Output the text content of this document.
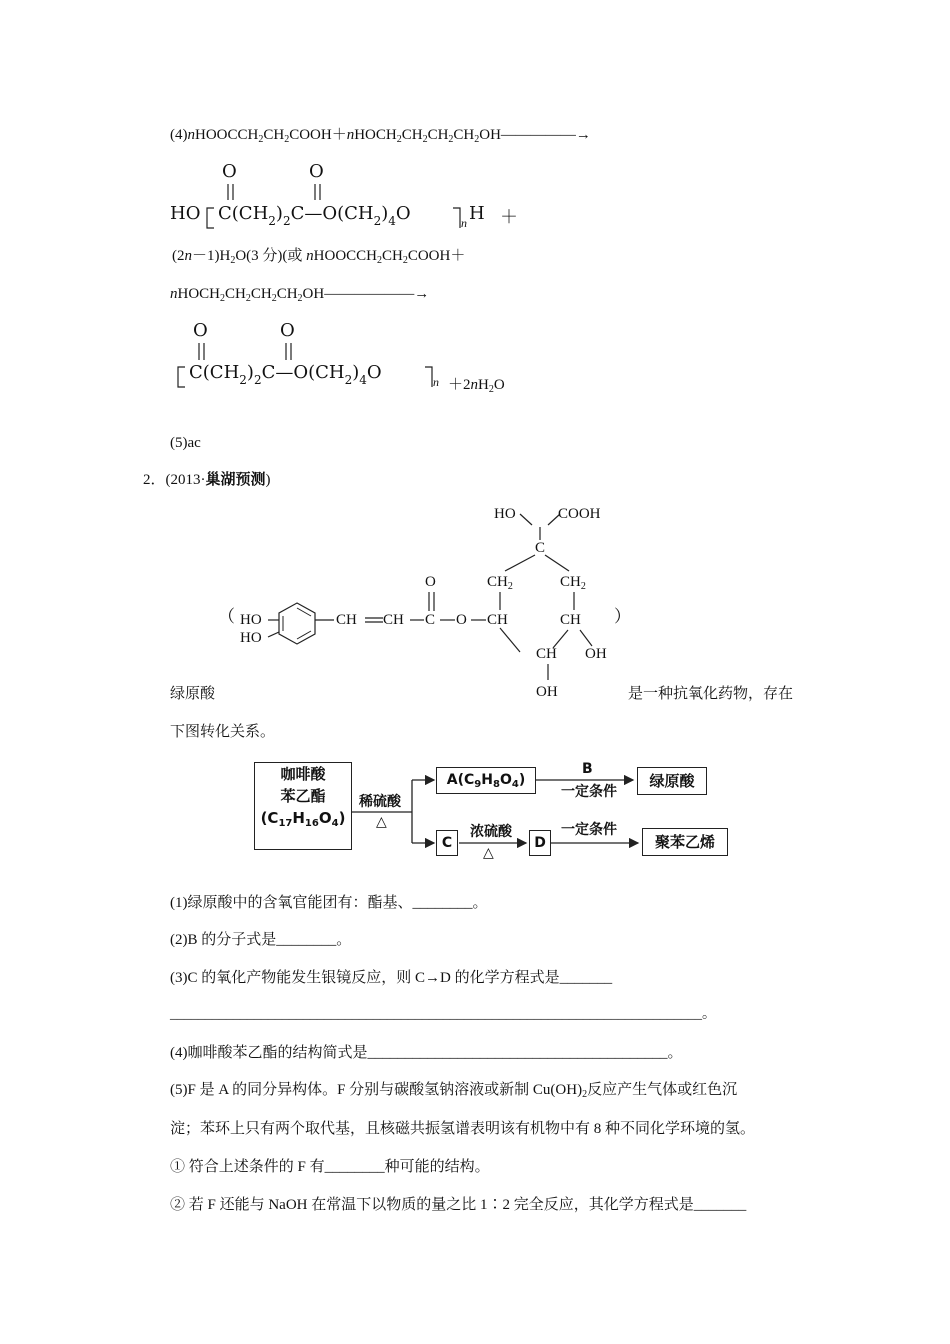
$(4)nHOOCCH_2CH_2COOH+nHOCH_2CH_2CH_2CH_2OH―――――\to$
O	O
HO $C(CH_2)_2C—O(CH_2)_4O$	n H ＋
$(2n-1)H_2O(3$ 分)(或 $nHOOCCH_2CH_2COOH+$
$nHOCH_2CH_2CH_2CH_2OH――――――\to$
O	O
$C(CH_2)_2C—O(CH_2)_4O$	$n +2nH_2O$
(5)ac
2．(2013·巢湖预测)
（	）
HO
HO
CH CH C
O
O CH
$CH_2$	$CH_2$
C
HO	COOH
CH
CH OH
OH
绿原酸	是一种抗氧化药物，存在
下图转化关系。
咖啡酸
苯乙酯
$(C_{17}H_{16}O_4)$
稀硫酸
△
$A(C_9H_8O_4)$
B
一定条件
绿原酸
C
浓硫酸
△
D
一定条件
聚苯乙烯
(1)绿原酸中的含氧官能团有：酯基、________。
(2)B 的分子式是________。
(3)C 的氧化产物能发生银镜反应，则 C→D 的化学方程式是_______
____________________________________________________________________________。
(4)咖啡酸苯乙酯的结构简式是________________________________________。
(5)F 是 A 的同分异构体。F 分别与碳酸氢钠溶液或新制 $Cu(OH)_2$反应产生气体或红色沉
淀；苯环上只有两个取代基，且核磁共振氢谱表明该有机物中有 8 种不同化学环境的氢。
① 符合上述条件的 F 有________种可能的结构。
② 若 F 还能与 NaOH 在常温下以物质的量之比 1∶2 完全反应，其化学方程式是_______
